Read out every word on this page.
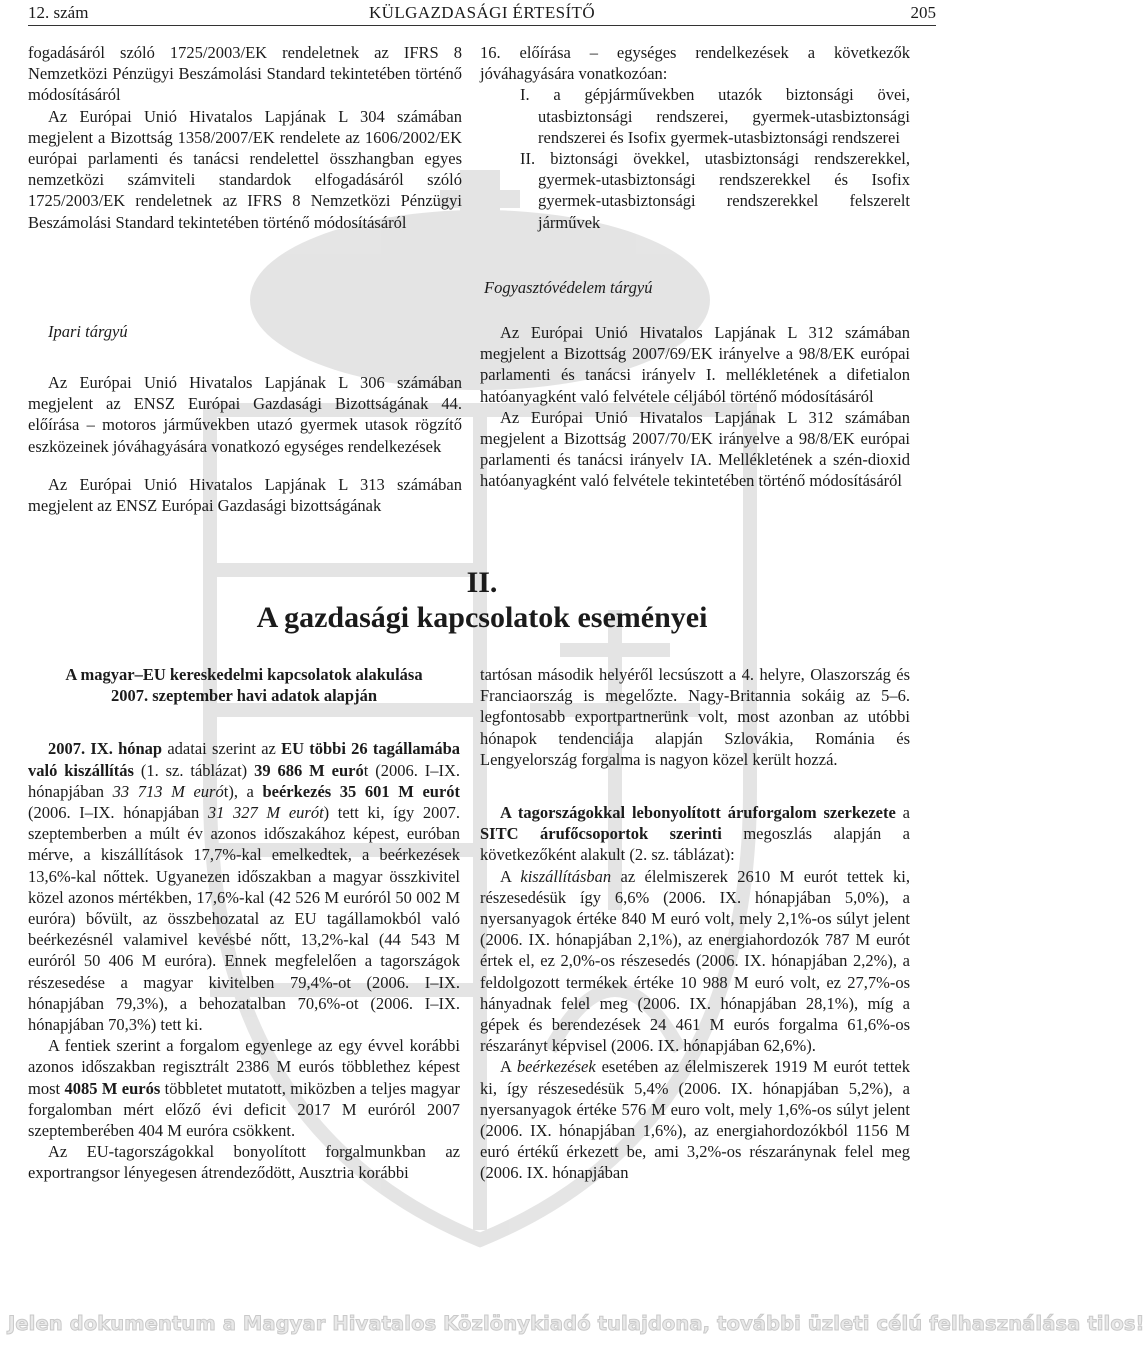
12. szám	KÜLGAZDASÁGI ÉRTESÍTŐ	205

fogadásáról szóló 1725/2003/EK rendeletnek az IFRS 8 Nemzetközi Pénzügyi Beszámolási Standard tekintetében történő módosításáról

Az Európai Unió Hivatalos Lapjának L 304 számában megjelent a Bizottság 1358/2007/EK rendelete az 1606/2002/EK európai parlamenti és tanácsi rendelettel összhangban egyes nemzetközi számviteli standardok elfogadásáról szóló 1725/2003/EK rendeletnek az IFRS 8 Nemzetközi Pénzügyi Beszámolási Standard tekintetében történő módosításáról

Ipari tárgyú

Az Európai Unió Hivatalos Lapjának L 306 számában megjelent az ENSZ Európai Gazdasági Bizottságának 44. előírása – motoros járművekben utazó gyermek utasok rögzítő eszközeinek jóváhagyására vonatkozó egységes rendelkezések

Az Európai Unió Hivatalos Lapjának L 313 számában megjelent az ENSZ Európai Gazdasági bizottságának

16. előírása – egységes rendelkezések a következők jóváhagyására vonatkozóan:

I. a gépjárművekben utazók biztonsági övei, utasbiztonsági rendszerei, gyermek-utasbiztonsági rendszerei és Isofix gyermek-utasbiztonsági rendszerei

II. biztonsági övekkel, utasbiztonsági rendszerekkel, gyermek-utasbiztonsági rendszerekkel és Isofix gyermek-utasbiztonsági rendszerekkel felszerelt járművek

Fogyasztóvédelem tárgyú

Az Európai Unió Hivatalos Lapjának L 312 számában megjelent a Bizottság 2007/69/EK irányelve a 98/8/EK európai parlamenti és tanácsi irányelv I. mellékletének a difetialon hatóanyagként való felvétele céljából történő módosításáról

Az Európai Unió Hivatalos Lapjának L 312 számában megjelent a Bizottság 2007/70/EK irányelve a 98/8/EK európai parlamenti és tanácsi irányelv IA. Mellékletének a szén-dioxid hatóanyagként való felvétele tekintetében történő módosításáról

II.
A gazdasági kapcsolatok eseményei

A magyar–EU kereskedelmi kapcsolatok alakulása

2007. szeptember havi adatok alapján

2007. IX. hónap adatai szerint az EU többi 26 tagállamába való kiszállítás (1. sz. táblázat) 39 686 M eurót (2006. I–IX. hónapjában 33 713 M eurót), a beérkezés 35 601 M eurót (2006. I–IX. hónapjában 31 327 M eurót) tett ki, így 2007. szeptemberben a múlt év azonos időszakához képest, euróban mérve, a kiszállítások 17,7%-kal emelkedtek, a beérkezések 13,6%-kal nőttek. Ugyanezen időszakban a magyar összkivitel közel azonos mértékben, 17,6%-kal (42 526 M euróról 50 002 M euróra) bővült, az összbehozatal az EU tagállamokból való beérkezésnél valamivel kevésbé nőtt, 13,2%-kal (44 543 M euróról 50 406 M euróra). Ennek megfelelően a tagországok részesedése a magyar kivitelben 79,4%-ot (2006. I–IX. hónapjában 79,3%), a behozatalban 70,6%-ot (2006. I–IX. hónapjában 70,3%) tett ki.

A fentiek szerint a forgalom egyenlege az egy évvel korábbi azonos időszakban regisztrált 2386 M eurós többlethez képest most 4085 M eurós többletet mutatott, miközben a teljes magyar forgalomban mért előző évi deficit 2017 M euróról 2007 szeptemberében 404 M euróra csökkent.

Az EU-tagországokkal bonyolított forgalmunkban az exportrangsor lényegesen átrendeződött, Ausztria korábbi

tartósan második helyéről lecsúszott a 4. helyre, Olaszország és Franciaország is megelőzte. Nagy-Britannia sokáig az 5–6. legfontosabb exportpartnerünk volt, most azonban az utóbbi hónapok tendenciája alapján Szlovákia, Románia és Lengyelország forgalma is nagyon közel került hozzá.

A tagországokkal lebonyolított áruforgalom szerkezete a SITC árufőcsoportok szerinti megoszlás alapján a következőként alakult (2. sz. táblázat):

A kiszállításban az élelmiszerek 2610 M eurót tettek ki, részesedésük így 6,6% (2006. IX. hónapjában 5,0%), a nyersanyagok értéke 840 M euró volt, mely 2,1%-os súlyt jelent (2006. IX. hónapjában 2,1%), az energiahordozók 787 M eurót értek el, ez 2,0%-os részesedés (2006. IX. hónapjában 2,2%), a feldolgozott termékek értéke 10 988 M euró volt, ez 27,7%-os hányadnak felel meg (2006. IX. hónapjában 28,1%), míg a gépek és berendezések 24 461 M eurós forgalma 61,6%-os részarányt képvisel (2006. IX. hónapjában 62,6%).

A beérkezések esetében az élelmiszerek 1919 M eurót tettek ki, így részesedésük 5,4% (2006. IX. hónapjában 5,2%), a nyersanyagok értéke 576 M euro volt, mely 1,6%-os súlyt jelent (2006. IX. hónapjában 1,6%), az energiahordozókból 1156 M euró értékű érkezett be, ami 3,2%-os részaránynak felel meg (2006. IX. hónapjában

Jelen dokumentum a Magyar Hivatalos Közlönykiadó tulajdona, további üzleti célú felhasználása tilos!
